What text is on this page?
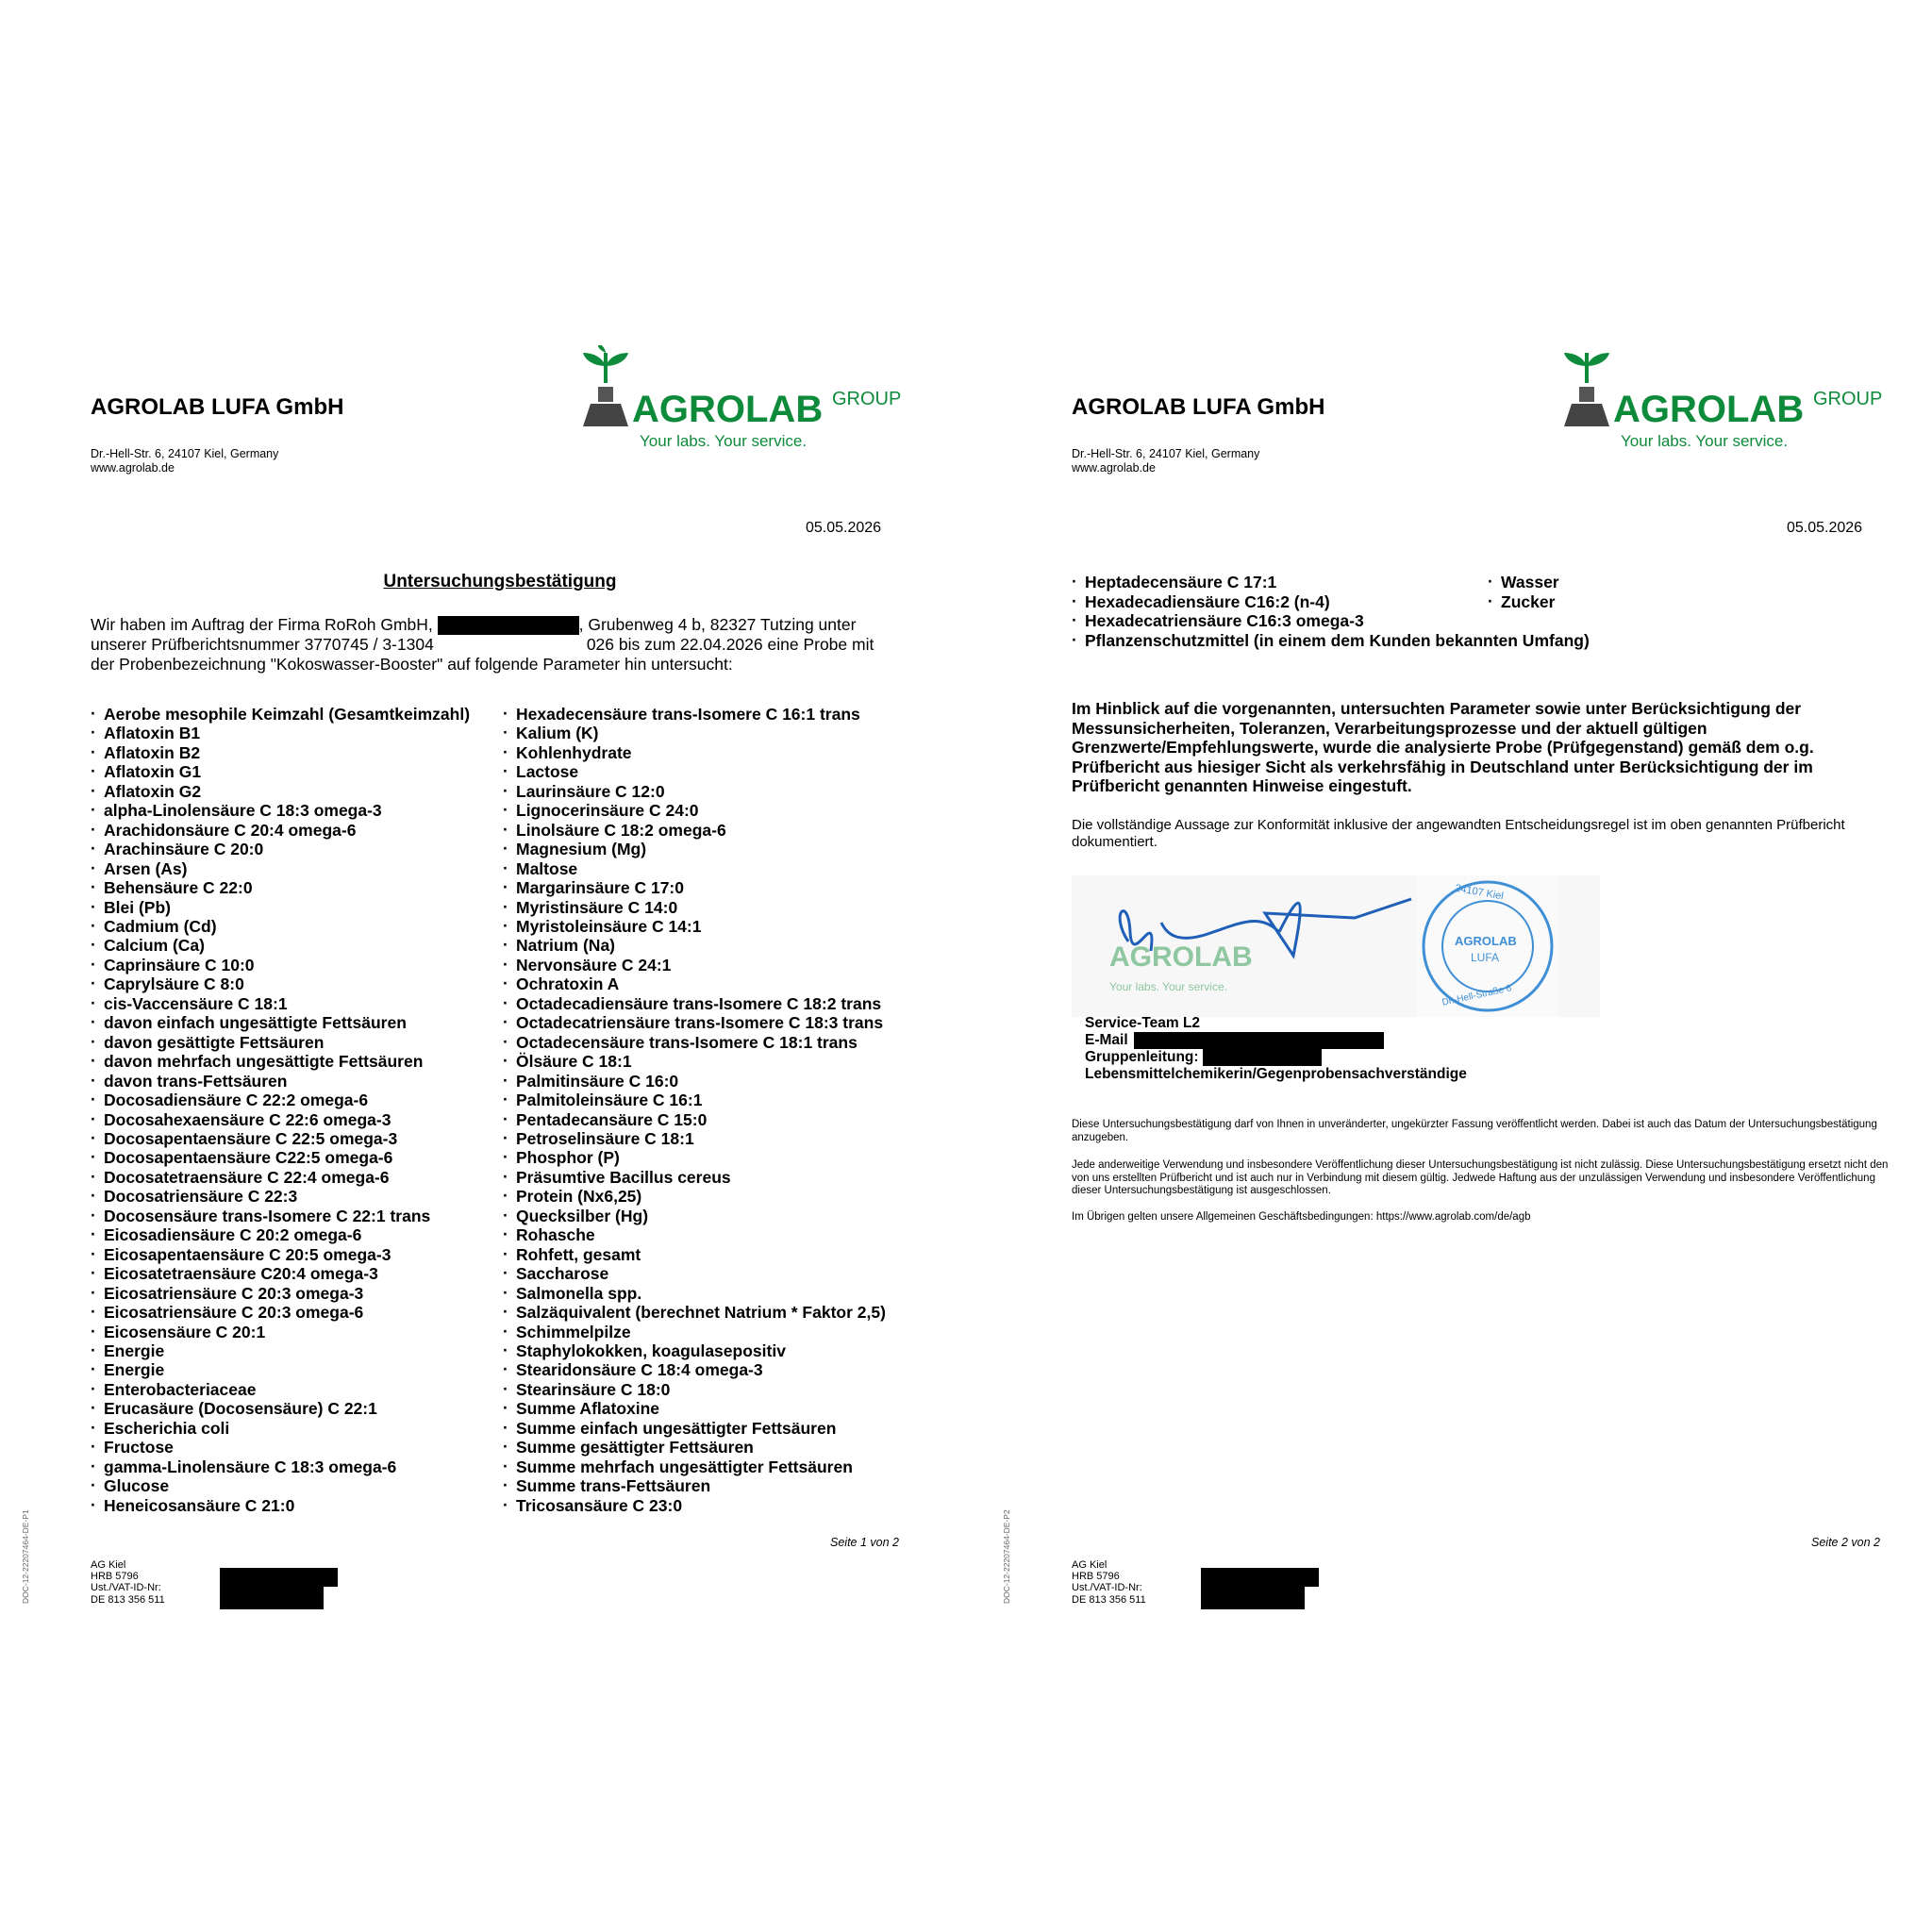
AGROLAB LUFA GmbH
Dr.-Hell-Str. 6, 24107 Kiel, Germany
www.agrolab.de
AGROLAB GROUP
Your labs. Your service.
05.05.2026
Untersuchungsbestätigung
Wir haben im Auftrag der Firma RoRoh GmbH,	, Grubenweg 4 b, 82327 Tutzing unter
unserer Prüfberichtsnummer 3770745 / 3-1304	026 bis zum 22.04.2026 eine Probe mit
der Probenbezeichnung "Kokoswasser-Booster" auf folgende Parameter hin untersucht:
· Aerobe mesophile Keimzahl (Gesamtkeimzahl)
· Aflatoxin B1
· Aflatoxin B2
· Aflatoxin G1
· Aflatoxin G2
· alpha-Linolensäure C 18:3 omega-3
· Arachidonsäure C 20:4 omega-6
· Arachinsäure C 20:0
· Arsen (As)
· Behensäure C 22:0
· Blei (Pb)
· Cadmium (Cd)
· Calcium (Ca)
· Caprinsäure C 10:0
· Caprylsäure C 8:0
· cis-Vaccensäure C 18:1
· davon einfach ungesättigte Fettsäuren
· davon gesättigte Fettsäuren
· davon mehrfach ungesättigte Fettsäuren
· davon trans-Fettsäuren
· Docosadiensäure C 22:2 omega-6
· Docosahexaensäure C 22:6 omega-3
· Docosapentaensäure C 22:5 omega-3
· Docosapentaensäure C22:5 omega-6
· Docosatetraensäure C 22:4 omega-6
· Docosatriensäure C 22:3
· Docosensäure trans-Isomere C 22:1 trans
· Eicosadiensäure C 20:2 omega-6
· Eicosapentaensäure C 20:5 omega-3
· Eicosatetraensäure C20:4 omega-3
· Eicosatriensäure C 20:3 omega-3
· Eicosatriensäure C 20:3 omega-6
· Eicosensäure C 20:1
· Energie
· Energie
· Enterobacteriaceae
· Erucasäure (Docosensäure) C 22:1
· Escherichia coli
· Fructose
· gamma-Linolensäure C 18:3 omega-6
· Glucose
· Heneicosansäure C 21:0
· Hexadecensäure trans-Isomere C 16:1 trans
· Kalium (K)
· Kohlenhydrate
· Lactose
· Laurinsäure C 12:0
· Lignocerinsäure C 24:0
· Linolsäure C 18:2 omega-6
· Magnesium (Mg)
· Maltose
· Margarinsäure C 17:0
· Myristinsäure C 14:0
· Myristoleinsäure C 14:1
· Natrium (Na)
· Nervonsäure C 24:1
· Ochratoxin A
· Octadecadiensäure trans-Isomere C 18:2 trans
· Octadecatriensäure trans-Isomere C 18:3 trans
· Octadecensäure trans-Isomere C 18:1 trans
· Ölsäure C 18:1
· Palmitinsäure C 16:0
· Palmitoleinsäure C 16:1
· Pentadecansäure C 15:0
· Petroselinsäure C 18:1
· Phosphor (P)
· Präsumtive Bacillus cereus
· Protein (Nx6,25)
· Quecksilber (Hg)
· Rohasche
· Rohfett, gesamt
· Saccharose
· Salmonella spp.
· Salzäquivalent (berechnet Natrium * Faktor 2,5)
· Schimmelpilze
· Staphylokokken, koagulasepositiv
· Stearidonsäure C 18:4 omega-3
· Stearinsäure C 18:0
· Summe Aflatoxine
· Summe einfach ungesättigter Fettsäuren
· Summe gesättigter Fettsäuren
· Summe mehrfach ungesättigter Fettsäuren
· Summe trans-Fettsäuren
· Tricosansäure C 23:0
Seite 1 von 2
AG Kiel
HRB 5796
Ust./VAT-ID-Nr:
DE 813 356 511
DOC-12-22207464-DE-P1
AGROLAB LUFA GmbH
Dr.-Hell-Str. 6, 24107 Kiel, Germany
www.agrolab.de
AGROLAB GROUP
Your labs. Your service.
05.05.2026
· Heptadecensäure C 17:1
· Hexadecadiensäure C16:2 (n-4)
· Hexadecatriensäure C16:3 omega-3
· Pflanzenschutzmittel (in einem dem Kunden bekannten Umfang)
· Wasser
· Zucker
Im Hinblick auf die vorgenannten, untersuchten Parameter sowie unter Berücksichtigung der Messunsicherheiten, Toleranzen, Verarbeitungsprozesse und der aktuell gültigen Grenzwerte/Empfehlungswerte, wurde die analysierte Probe (Prüfgegenstand) gemäß dem o.g. Prüfbericht aus hiesiger Sicht als verkehrsfähig in Deutschland unter Berücksichtigung der im Prüfbericht genannten Hinweise eingestuft.
Die vollständige Aussage zur Konformität inklusive der angewandten Entscheidungsregel ist im oben genannten Prüfbericht dokumentiert.
AGROLAB
Your labs. Your service.
24107 Kiel
AGROLAB
LUFA
Dr.-Hell-Straße 6
Service-Team L2
E-Mail
Gruppenleitung:
Lebensmittelchemikerin/Gegenprobensachverständige
Diese Untersuchungsbestätigung darf von Ihnen in unveränderter, ungekürzter Fassung veröffentlicht werden. Dabei ist auch das Datum der Untersuchungsbestätigung anzugeben.
Jede anderweitige Verwendung und insbesondere Veröffentlichung dieser Untersuchungsbestätigung ist nicht zulässig. Diese Untersuchungsbestätigung ersetzt nicht den von uns erstellten Prüfbericht und ist auch nur in Verbindung mit diesem gültig. Jedwede Haftung aus der unzulässigen Verwendung und insbesondere Veröffentlichung dieser Untersuchungsbestätigung ist ausgeschlossen.
Im Übrigen gelten unsere Allgemeinen Geschäftsbedingungen: https://www.agrolab.com/de/agb
Seite 2 von 2
AG Kiel
HRB 5796
Ust./VAT-ID-Nr:
DE 813 356 511
DOC-12-22207464-DE-P2
